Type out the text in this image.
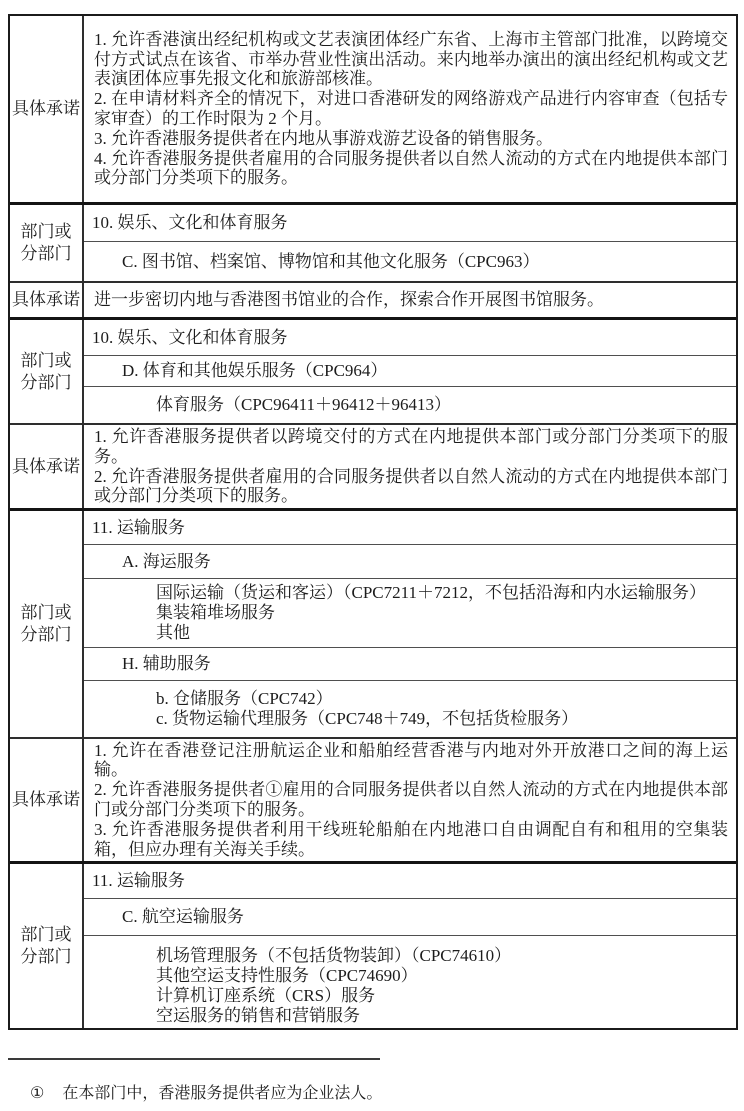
具体承诺

1. 允许香港演出经纪机构或文艺表演团体经广东省、上海市主管部门批准，以跨境交付方式试点在该省、市举办营业性演出活动。来内地举办演出的演出经纪机构或文艺表演团体应事先报文化和旅游部核准。

2. 在申请材料齐全的情况下，对进口香港研发的网络游戏产品进行内容审查（包括专家审查）的工作时限为 2 个月。

3. 允许香港服务提供者在内地从事游戏游艺设备的销售服务。

4. 允许香港服务提供者雇用的合同服务提供者以自然人流动的方式在内地提供本部门或分部门分类项下的服务。

部门或分部门
10. 娱乐、文化和体育服务
C. 图书馆、档案馆、博物馆和其他文化服务（CPC963）
具体承诺 进一步密切内地与香港图书馆业的合作，探索合作开展图书馆服务。

部门或分部门
10. 娱乐、文化和体育服务
D. 体育和其他娱乐服务（CPC964）
体育服务（CPC96411＋96412＋96413）
具体承诺

1. 允许香港服务提供者以跨境交付的方式在内地提供本部门或分部门分类项下的服务。

2. 允许香港服务提供者雇用的合同服务提供者以自然人流动的方式在内地提供本部门或分部门分类项下的服务。

部门或分部门
11. 运输服务
A. 海运服务
国际运输（货运和客运）（CPC7211＋7212，不包括沿海和内水运输服务）
集装箱堆场服务
其他
H. 辅助服务
b. 仓储服务（CPC742）
c. 货物运输代理服务（CPC748＋749，不包括货检服务）
具体承诺

1. 允许在香港登记注册航运企业和船舶经营香港与内地对外开放港口之间的海上运输。

2. 允许香港服务提供者①雇用的合同服务提供者以自然人流动的方式在内地提供本部门或分部门分类项下的服务。

3. 允许香港服务提供者利用干线班轮船舶在内地港口自由调配自有和租用的空集装箱，但应办理有关海关手续。

部门或分部门
11. 运输服务
C. 航空运输服务
机场管理服务（不包括货物装卸）（CPC74610）
其他空运支持性服务（CPC74690）
计算机订座系统（CRS）服务
空运服务的销售和营销服务
① 在本部门中，香港服务提供者应为企业法人。
